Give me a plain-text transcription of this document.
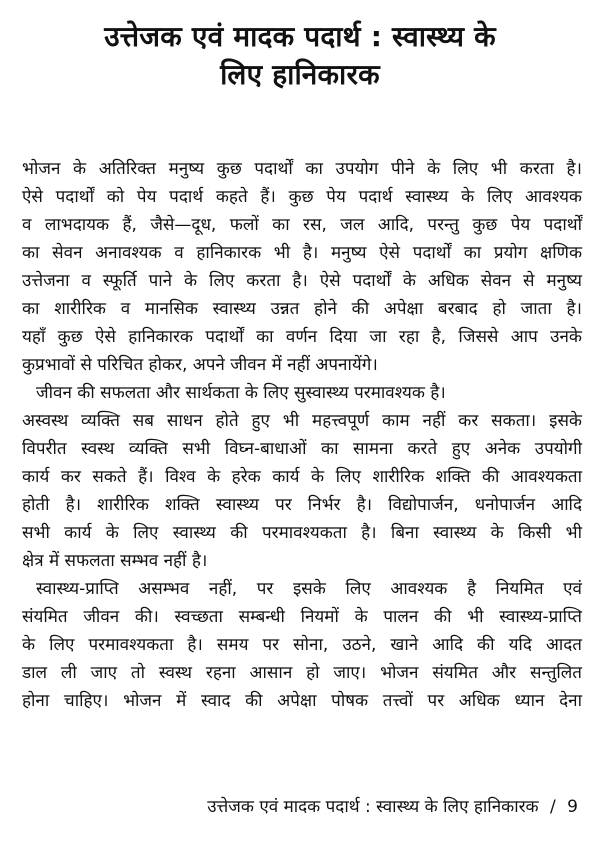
उत्तेजक एवं मादक पदार्थ : स्वास्थ्य के
लिए हानिकारक
भोजन के अतिरिक्त मनुष्य कुछ पदार्थों का उपयोग पीने के लिए भी करता है।
ऐसे पदार्थों को पेय पदार्थ कहते हैं। कुछ पेय पदार्थ स्वास्थ्य के लिए आवश्यक
व लाभदायक हैं, जैसे—दूध, फलों का रस, जल आदि, परन्तु कुछ पेय पदार्थों
का सेवन अनावश्यक व हानिकारक भी है। मनुष्य ऐसे पदार्थों का प्रयोग क्षणिक
उत्तेजना व स्फूर्ति पाने के लिए करता है। ऐसे पदार्थों के अधिक सेवन से मनुष्य
का शारीरिक व मानसिक स्वास्थ्य उन्नत होने की अपेक्षा बरबाद हो जाता है।
यहाँ कुछ ऐसे हानिकारक पदार्थों का वर्णन दिया जा रहा है, जिससे आप उनके
कुप्रभावों से परिचित होकर, अपने जीवन में नहीं अपनायेंगे।
जीवन की सफलता और सार्थकता के लिए सुस्वास्थ्य परमावश्यक है।
अस्वस्थ व्यक्ति सब साधन होते हुए भी महत्त्वपूर्ण काम नहीं कर सकता। इसके
विपरीत स्वस्थ व्यक्ति सभी विघ्न-बाधाओं का सामना करते हुए अनेक उपयोगी
कार्य कर सकते हैं। विश्व के हरेक कार्य के लिए शारीरिक शक्ति की आवश्यकता
होती है। शारीरिक शक्ति स्वास्थ्य पर निर्भर है। विद्योपार्जन, धनोपार्जन आदि
सभी कार्य के लिए स्वास्थ्य की परमावश्यकता है। बिना स्वास्थ्य के किसी भी
क्षेत्र में सफलता सम्भव नहीं है।
स्वास्थ्य-प्राप्ति असम्भव नहीं, पर इसके लिए आवश्यक है नियमित एवं
संयमित जीवन की। स्वच्छता सम्बन्धी नियमों के पालन की भी स्वास्थ्य-प्राप्ति
के लिए परमावश्यकता है। समय पर सोना, उठने, खाने आदि की यदि आदत
डाल ली जाए तो स्वस्थ रहना आसान हो जाए। भोजन संयमित और सन्तुलित
होना चाहिए। भोजन में स्वाद की अपेक्षा पोषक तत्त्वों पर अधिक ध्यान देना
उत्तेजक एवं मादक पदार्थ : स्वास्थ्य के लिए हानिकारक / 9
